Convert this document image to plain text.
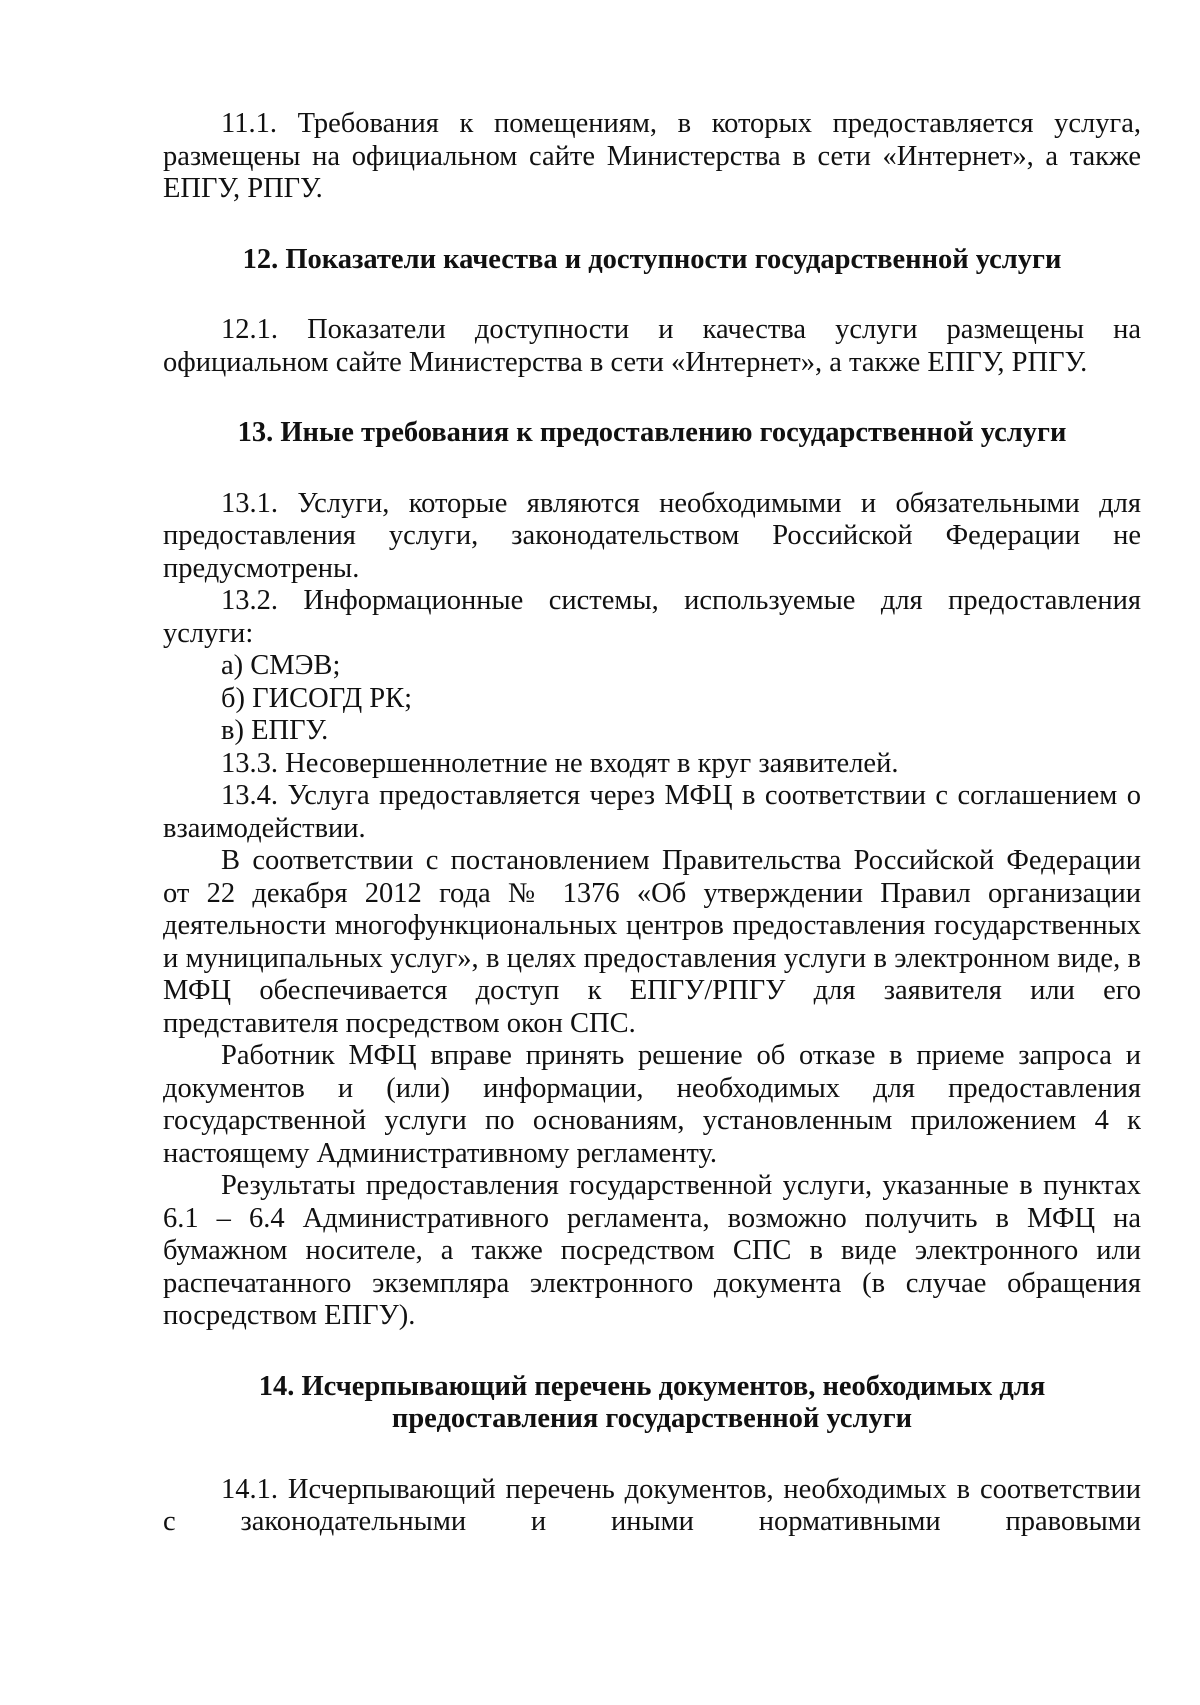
11.1. Требования к помещениям, в которых предоставляется услуга, размещены на официальном сайте Министерства в сети «Интернет», а также ЕПГУ, РПГУ.

12. Показатели качества и доступности государственной услуги

12.1. Показатели доступности и качества услуги размещены на официальном сайте Министерства в сети «Интернет», а также ЕПГУ, РПГУ.

13. Иные требования к предоставлению государственной услуги

13.1. Услуги, которые являются необходимыми и обязательными для предоставления услуги, законодательством Российской Федерации не предусмотрены.

13.2. Информационные системы, используемые для предоставления услуги:

а) СМЭВ;

б) ГИСОГД РК;

в) ЕПГУ.

13.3. Несовершеннолетние не входят в круг заявителей.

13.4. Услуга предоставляется через МФЦ в соответствии с соглашением о взаимодействии.

В соответствии с постановлением Правительства Российской Федерации от 22 декабря 2012 года № 1376 «Об утверждении Правил организации деятельности многофункциональных центров предоставления государственных и муниципальных услуг», в целях предоставления услуги в электронном виде, в МФЦ обеспечивается доступ к ЕПГУ/РПГУ для заявителя или его представителя посредством окон СПС.

Работник МФЦ вправе принять решение об отказе в приеме запроса и документов и (или) информации, необходимых для предоставления государственной услуги по основаниям, установленным приложением 4 к настоящему Административному регламенту.

Результаты предоставления государственной услуги, указанные в пунктах 6.1 – 6.4 Административного регламента, возможно получить в МФЦ на бумажном носителе, а также посредством СПС в виде электронного или распечатанного экземпляра электронного документа (в случае обращения посредством ЕПГУ).

14. Исчерпывающий перечень документов, необходимых для

предоставления государственной услуги

14.1. Исчерпывающий перечень документов, необходимых в соответствии с законодательными и иными нормативными правовыми
